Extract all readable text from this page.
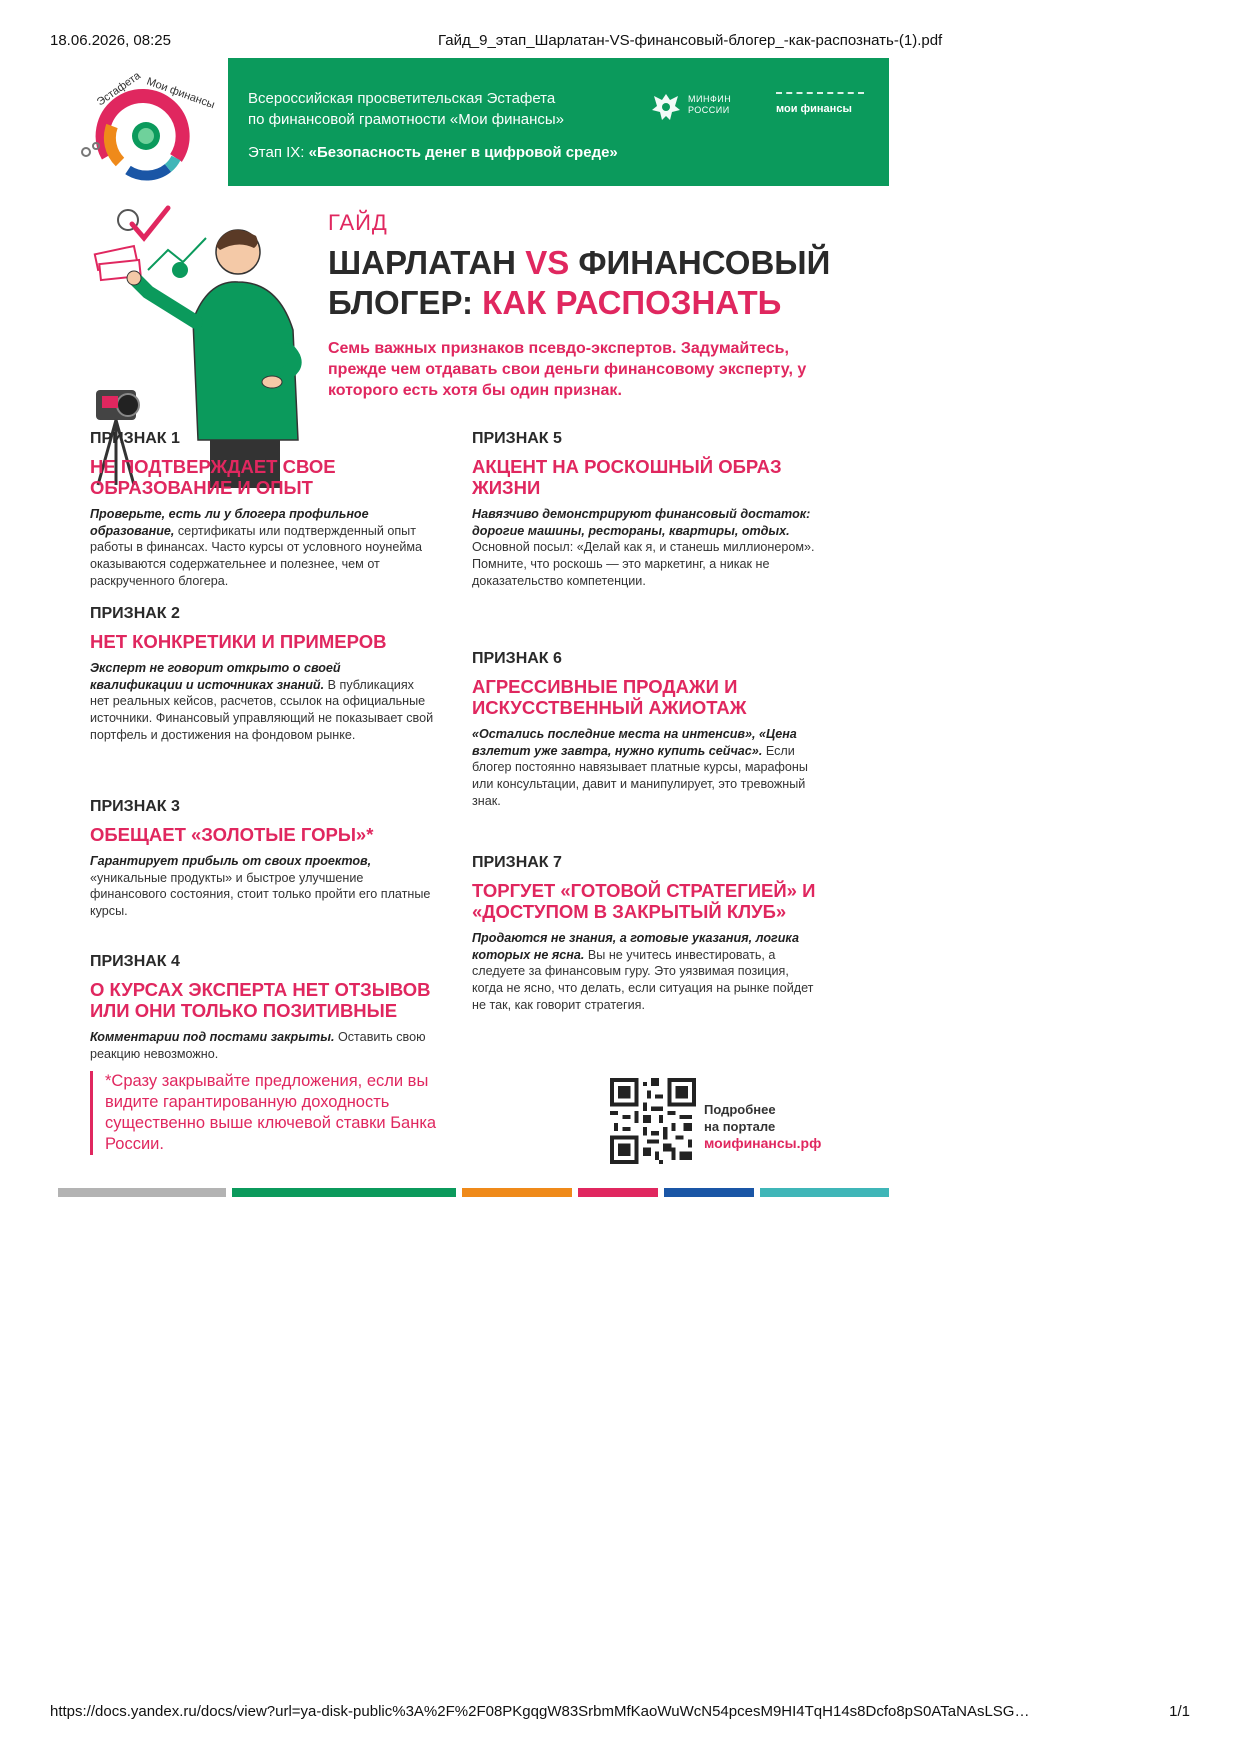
18.06.2026, 08:25	Гайд_9_этап_Шарлатан-VS-финансовый-блогер_-как-распознать-(1).pdf
Эстафета Мои финансы Всероссийская просветительская Эстафета
по финансовой грамотности «Мои финансы»
Этап IX: «Безопасность денег в цифровой среде»
МИНФИН
РОССИИ	мои финансы
ГАЙД
ШАРЛАТАН VS ФИНАНСОВЫЙ
БЛОГЕР: КАК РАСПОЗНАТЬ
Семь важных признаков псевдо-экспертов. Задумайтесь, прежде чем отдавать свои деньги финансовому эксперту, у которого есть хотя бы один признак.
ПРИЗНАК 1
НЕ ПОДТВЕРЖДАЕТ СВОЕ ОБРАЗОВАНИЕ И ОПЫТ
Проверьте, есть ли у блогера профильное образование, сертификаты или подтвержденный опыт работы в финансах. Часто курсы от условного ноунейма оказываются содержательнее и полезнее, чем от раскрученного блогера.
ПРИЗНАК 2
НЕТ КОНКРЕТИКИ И ПРИМЕРОВ
Эксперт не говорит открыто о своей квалификации и источниках знаний. В публикациях нет реальных кейсов, расчетов, ссылок на официальные источники. Финансовый управляющий не показывает свой портфель и достижения на фондовом рынке.
ПРИЗНАК 3
ОБЕЩАЕТ «ЗОЛОТЫЕ ГОРЫ»*
Гарантирует прибыль от своих проектов, «уникальные продукты» и быстрое улучшение финансового состояния, стоит только пройти его платные курсы.
ПРИЗНАК 4
О КУРСАХ ЭКСПЕРТА НЕТ ОТЗЫВОВ ИЛИ ОНИ ТОЛЬКО ПОЗИТИВНЫЕ
Комментарии под постами закрыты. Оставить свою реакцию невозможно.
ПРИЗНАК 5
АКЦЕНТ НА РОСКОШНЫЙ ОБРАЗ ЖИЗНИ
Навязчиво демонстрируют финансовый достаток: дорогие машины, рестораны, квартиры, отдых. Основной посыл: «Делай как я, и станешь миллионером». Помните, что роскошь — это маркетинг, а никак не доказательство компетенции.
ПРИЗНАК 6
АГРЕССИВНЫЕ ПРОДАЖИ И ИСКУССТВЕННЫЙ АЖИОТАЖ
«Остались последние места на интенсив», «Цена взлетит уже завтра, нужно купить сейчас». Если блогер постоянно навязывает платные курсы, марафоны или консультации, давит и манипулирует, это тревожный знак.
ПРИЗНАК 7
ТОРГУЕТ «ГОТОВОЙ СТРАТЕГИЕЙ» И «ДОСТУПОМ В ЗАКРЫТЫЙ КЛУБ»
Продаются не знания, а готовые указания, логика которых не ясна. Вы не учитесь инвестировать, а следуете за финансовым гуру. Это уязвимая позиция, когда не ясно, что делать, если ситуация на рынке пойдет не так, как говорит стратегия.
*Сразу закрывайте предложения, если вы видите гарантированную доходность существенно выше ключевой ставки Банка России.
Подробнее
на портале
моифинансы.рф
https://docs.yandex.ru/docs/view?url=ya-disk-public%3A%2F%2F08PKgqgW83SrbmMfKaoWuWcN54pcesM9HI4TqH14s8Dcfo8pS0ATaNAsLSG…	1/1
